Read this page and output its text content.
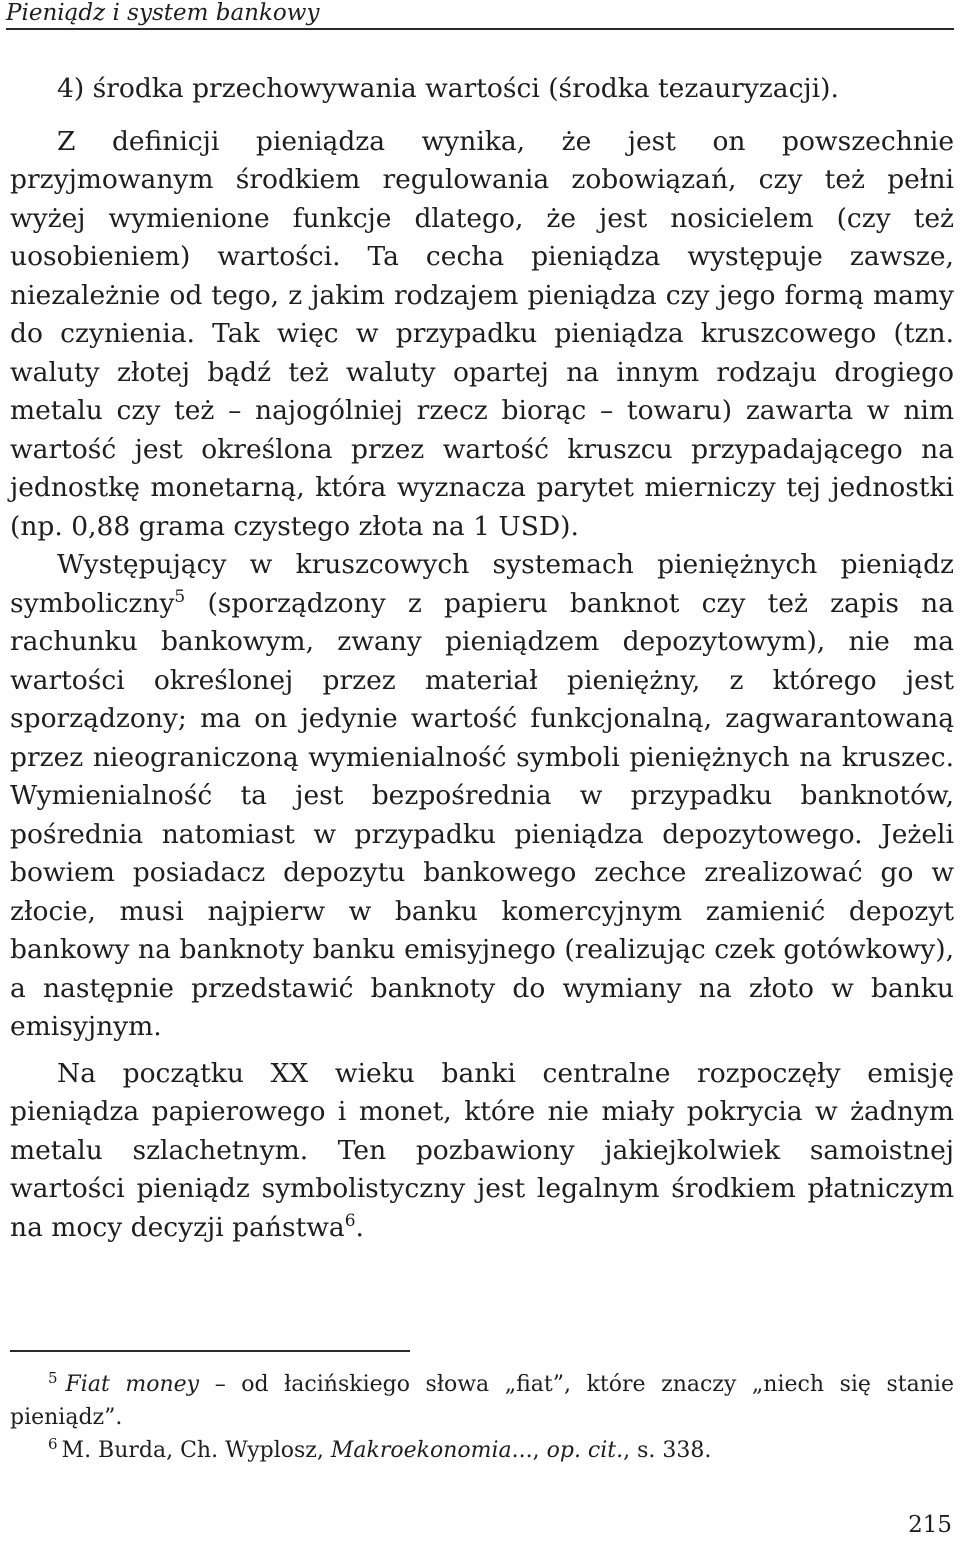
Pieniądz i system bankowy

4) środka przechowywania wartości (środka tezauryzacji).

Z definicji pieniądza wynika, że jest on powszechnie przyjmowanym środkiem regulowania zobowiązań, czy też pełni wyżej wymienione funkcje dlatego, że jest nosicielem (czy też uosobieniem) wartości. Ta cecha pieniądza występuje zawsze, niezależnie od tego, z jakim rodzajem pieniądza czy jego formą mamy do czynienia. Tak więc w przypadku pieniądza kruszcowego (tzn. waluty złotej bądź też waluty opartej na innym rodzaju drogiego metalu czy też – najogólniej rzecz biorąc – towaru) zawarta w nim wartość jest określona przez wartość kruszcu przypadającego na jednostkę monetarną, która wyznacza parytet mierniczy tej jednostki (np. 0,88 grama czystego złota na 1 USD).

Występujący w kruszcowych systemach pieniężnych pieniądz symboliczny$^5$ (sporządzony z papieru banknot czy też zapis na rachunku bankowym, zwany pieniądzem depozytowym), nie ma wartości określonej przez materiał pieniężny, z którego jest sporządzony; ma on jedynie wartość funkcjonalną, zagwarantowaną przez nieograniczoną wymienialność symboli pieniężnych na kruszec. Wymienialność ta jest bezpośrednia w przypadku banknotów, pośrednia natomiast w przypadku pieniądza depozytowego. Jeżeli bowiem posiadacz depozytu bankowego zechce zrealizować go w złocie, musi najpierw w banku komercyjnym zamienić depozyt bankowy na banknoty banku emisyjnego (realizując czek gotówkowy), a następnie przedstawić banknoty do wymiany na złoto w banku emisyjnym.

Na początku XX wieku banki centralne rozpoczęły emisję pieniądza papierowego i monet, które nie miały pokrycia w żadnym metalu szlachetnym. Ten pozbawiony jakiejkolwiek samoistnej wartości pieniądz symbolistyczny jest legalnym środkiem płatniczym na mocy decyzji państwa$^6$.

$^5$ Fiat money – od łacińskiego słowa „fiat”, które znaczy „niech się stanie pieniądz”.

$^6$ M. Burda, Ch. Wyplosz, Makroekonomia..., op. cit., s. 338.

215
